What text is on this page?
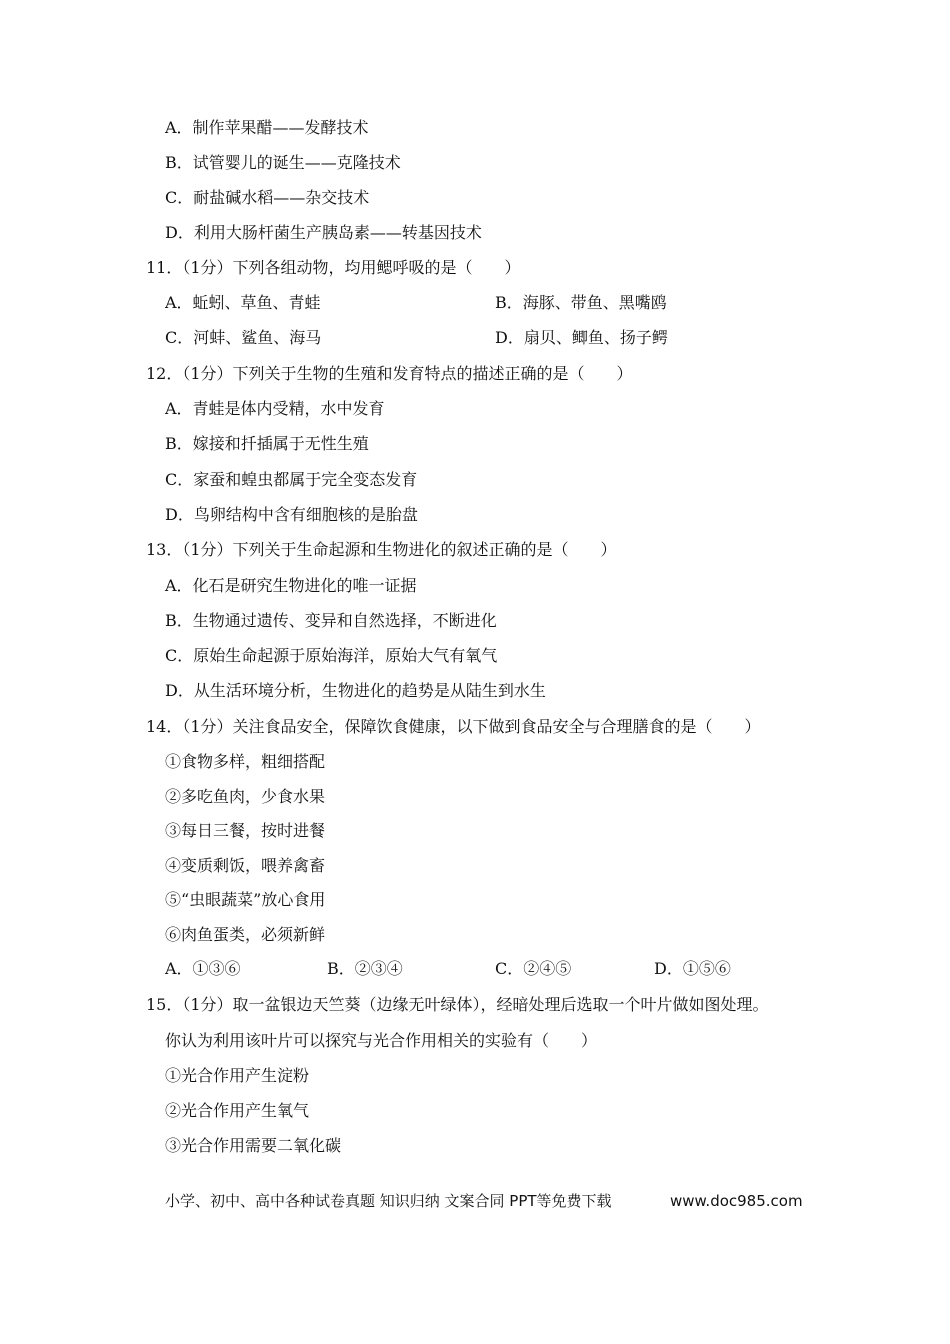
A．制作苹果醋——发酵技术
B．试管婴儿的诞生——克隆技术
C．耐盐碱水稻——杂交技术
D．利用大肠杆菌生产胰岛素——转基因技术
11．（1分）下列各组动物，均用鳃呼吸的是（　　）
A．蚯蚓、草鱼、青蛙	B．海豚、带鱼、黑嘴鸥
C．河蚌、鲨鱼、海马	D．扇贝、鲫鱼、扬子鳄
12．（1分）下列关于生物的生殖和发育特点的描述正确的是（　　）
A．青蛙是体内受精，水中发育
B．嫁接和扦插属于无性生殖
C．家蚕和蝗虫都属于完全变态发育
D．鸟卵结构中含有细胞核的是胎盘
13．（1分）下列关于生命起源和生物进化的叙述正确的是（　　）
A．化石是研究生物进化的唯一证据
B．生物通过遗传、变异和自然选择，不断进化
C．原始生命起源于原始海洋，原始大气有氧气
D．从生活环境分析，生物进化的趋势是从陆生到水生
14．（1分）关注食品安全，保障饮食健康，以下做到食品安全与合理膳食的是（　　）
①食物多样，粗细搭配
②多吃鱼肉，少食水果
③每日三餐，按时进餐
④变质剩饭，喂养禽畜
⑤“虫眼蔬菜”放心食用
⑥肉鱼蛋类，必须新鲜
A．①③⑥	B．②③④	C．②④⑤	D．①⑤⑥
15．（1分）取一盆银边天竺葵（边缘无叶绿体），经暗处理后选取一个叶片做如图处理。
你认为利用该叶片可以探究与光合作用相关的实验有（　　）
①光合作用产生淀粉
②光合作用产生氧气
③光合作用需要二氧化碳
小学、初中、高中各种试卷真题 知识归纳 文案合同 PPT等免费下载	www.doc985.com
